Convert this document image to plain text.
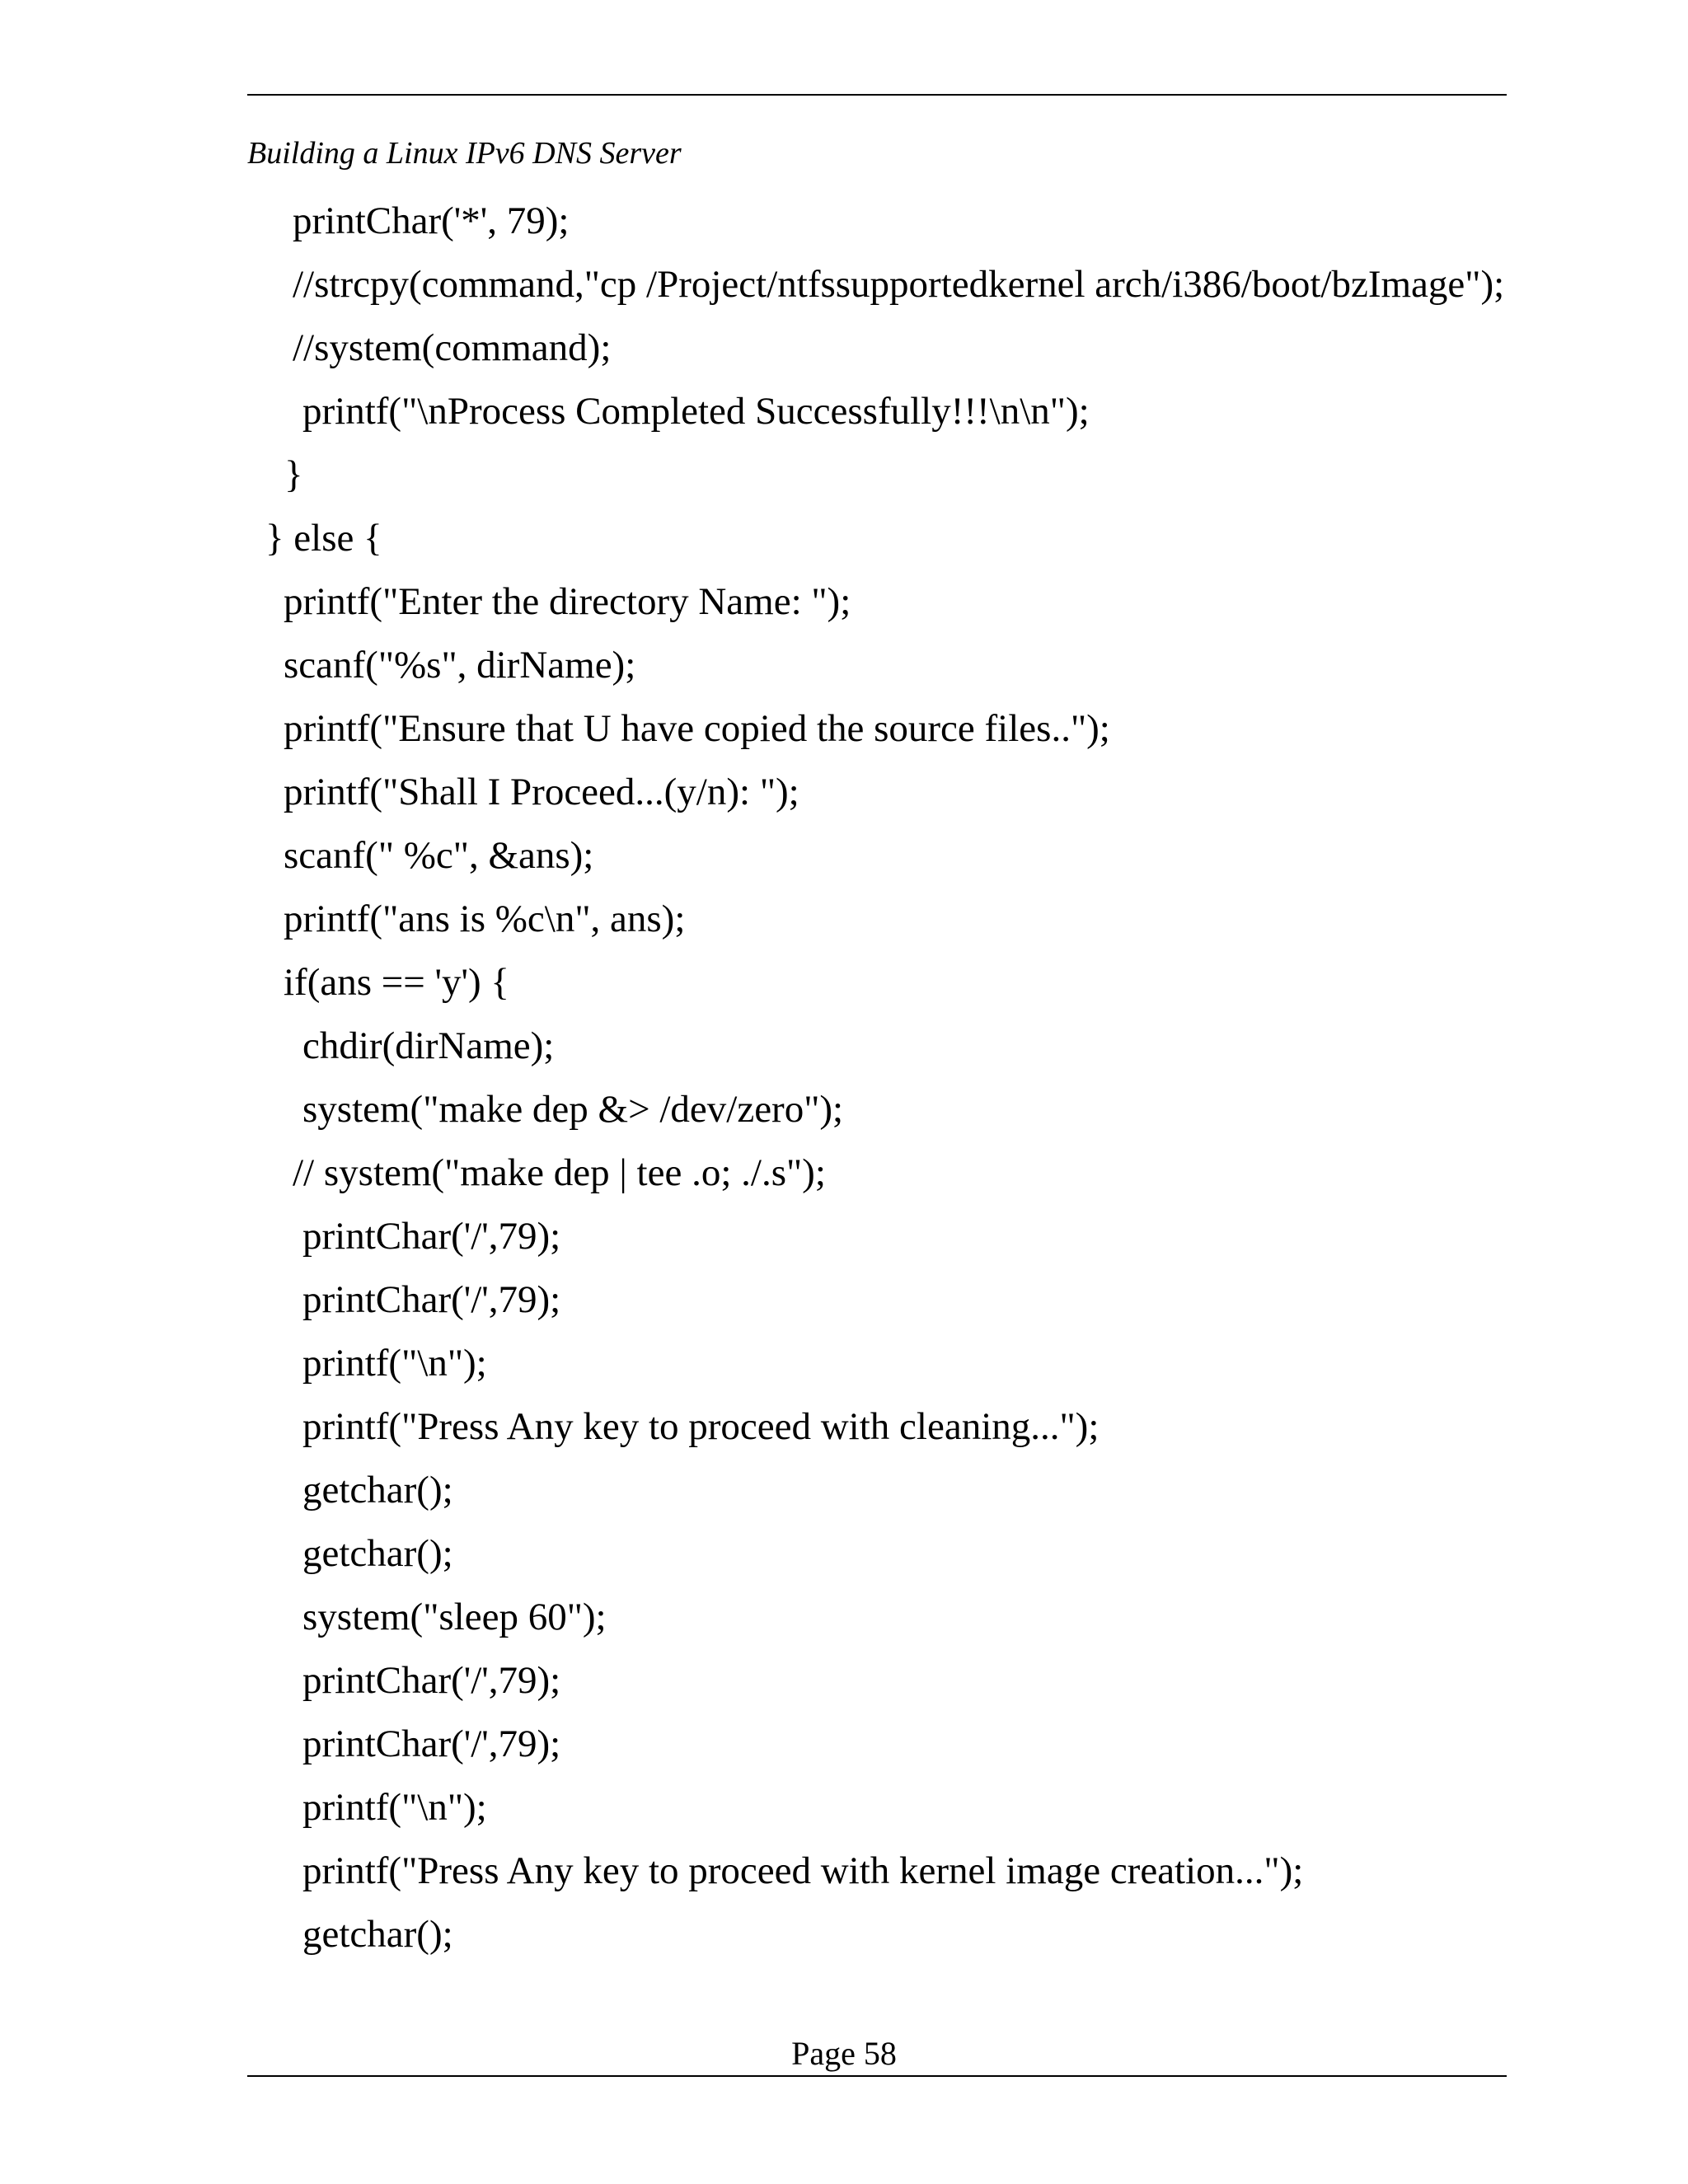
Building a Linux IPv6 DNS Server
printChar('*', 79);
//strcpy(command,"cp /Project/ntfssupportedkernel arch/i386/boot/bzImage");
//system(command);
printf("\nProcess Completed Successfully!!!\n\n");
}
} else {
printf("Enter the directory Name: ");
scanf("%s", dirName);
printf("Ensure that U have copied the source files..");
printf("Shall I Proceed...(y/n): ");
scanf(" %c", &ans);
printf("ans is %c\n", ans);
if(ans == 'y') {
chdir(dirName);
system("make dep &> /dev/zero");
// system("make dep | tee .o; ./.s");
printChar('/',79);
printChar('/',79);
printf("\n");
printf("Press Any key to proceed with cleaning...");
getchar();
getchar();
system("sleep 60");
printChar('/',79);
printChar('/',79);
printf("\n");
printf("Press Any key to proceed with kernel image creation...");
getchar();
Page 58
